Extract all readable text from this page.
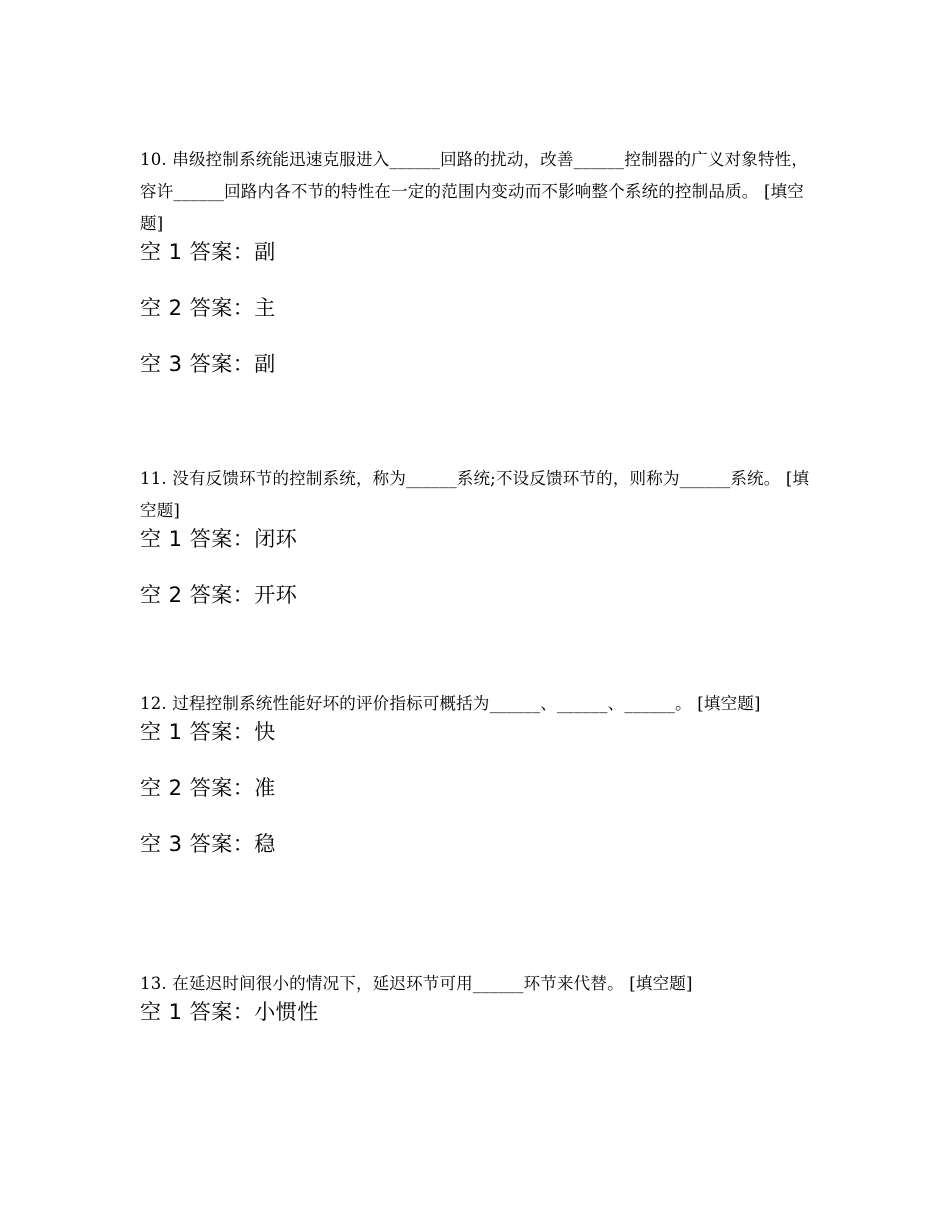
10. 串级控制系统能迅速克服进入______回路的扰动，改善______控制器的广义对象特性，容许______回路内各不节的特性在一定的范围内变动而不影响整个系统的控制品质。 [填空题]

空 1 答案：副
空 2 答案：主
空 3 答案：副

11. 没有反馈环节的控制系统，称为______系统;不设反馈环节的，则称为______系统。 [填空题]

空 1 答案：闭环
空 2 答案：开环

12. 过程控制系统性能好坏的评价指标可概括为______、______、______。 [填空题]

空 1 答案：快
空 2 答案：准
空 3 答案：稳

13. 在延迟时间很小的情况下，延迟环节可用______环节来代替。 [填空题]

空 1 答案：小惯性
